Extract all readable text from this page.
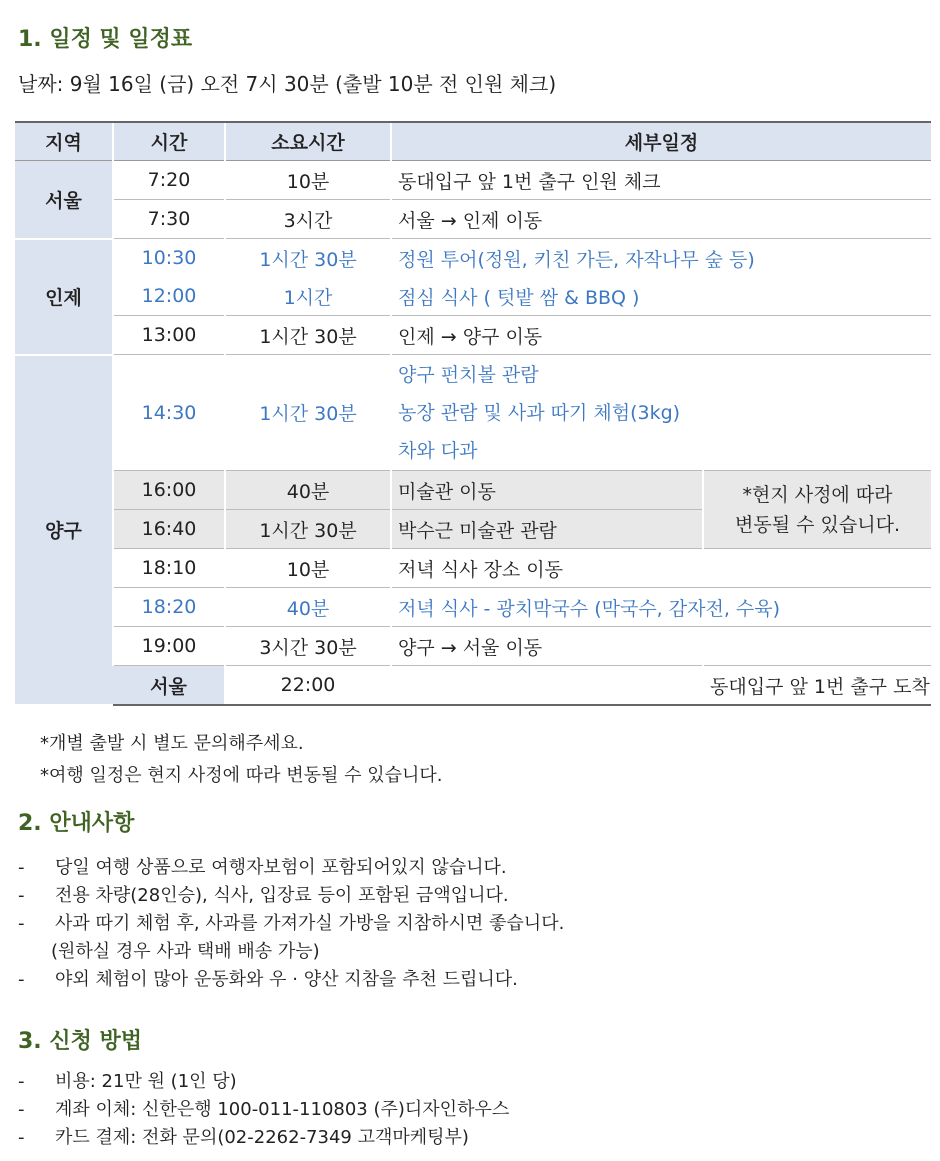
1. 일정 및 일정표
날짜: 9월 16일 (금) 오전 7시 30분 (출발 10분 전 인원 체크)
지역	시간	소요시간	세부일정	
서울	7:20	10분	동대입구 앞 1번 출구 인원 체크	
	7:30	3시간	서울 → 인제 이동	
인제	10:30	1시간 30분	정원 투어(정원, 키친 가든, 자작나무 숲 등)	
	12:00	1시간	점심 식사 ( 텃밭 쌈 & BBQ )	
	13:00	1시간 30분	인제 → 양구 이동	
양구	14:30	1시간 30분	양구 펀치볼 관람
농장 관람 및 사과 따기 체험(3kg)
차와 다과	

	16:00	40분	미술관 이동	*현지 사정에 따라
변동될 수 있습니다.

	16:40	1시간 30분	박수근 미술관 관람	
	18:10	10분	저녁 식사 장소 이동	
	18:20	40분	저녁 식사 - 광치막국수 (막국수, 감자전, 수육)	
	19:00	3시간 30분	양구 → 서울 이동	
	서울	22:00		동대입구 앞 1번 출구 도착
*개별 출발 시 별도 문의해주세요.
*여행 일정은 현지 사정에 따라 변동될 수 있습니다.
2. 안내사항
- 당일 여행 상품으로 여행자보험이 포함되어있지 않습니다.
- 전용 차량(28인승), 식사, 입장료 등이 포함된 금액입니다.
- 사과 따기 체험 후, 사과를 가져가실 가방을 지참하시면 좋습니다.
(원하실 경우 사과 택배 배송 가능)
- 야외 체험이 많아 운동화와 우 · 양산 지참을 추천 드립니다.
3. 신청 방법
- 비용: 21만 원 (1인 당)
- 계좌 이체: 신한은행 100-011-110803 (주)디자인하우스
- 카드 결제: 전화 문의(02-2262-7349 고객마케팅부)
